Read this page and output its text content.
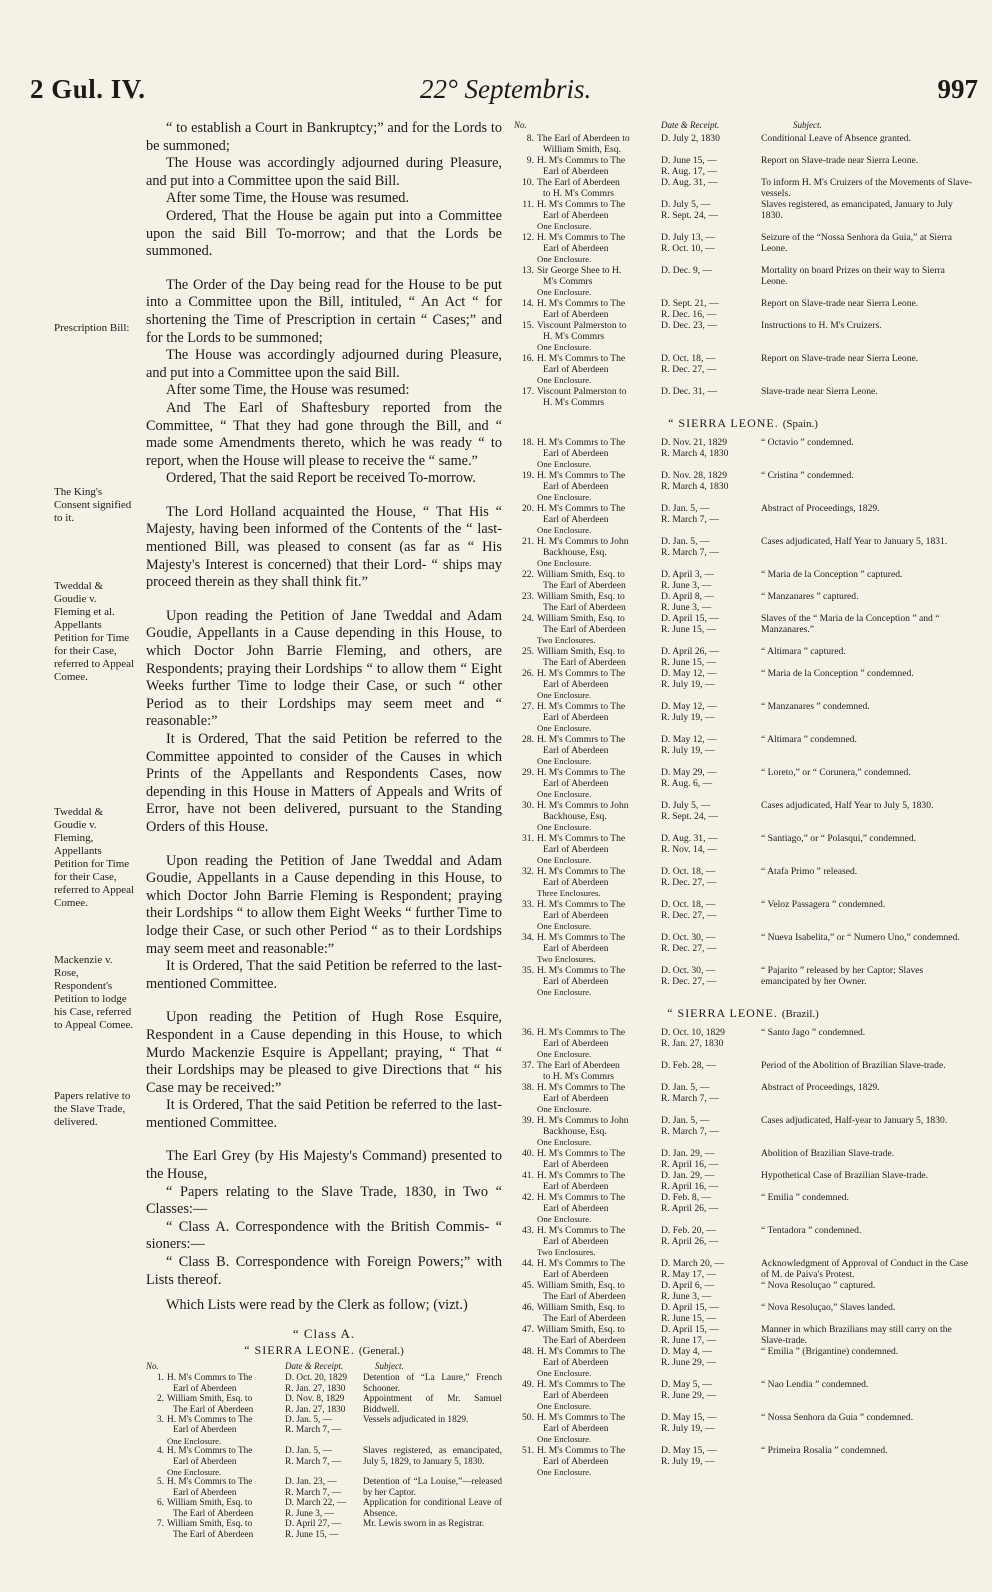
2 Gul. IV.	22° Septembris.	997
Prescription Bill:
The King's Consent signified to it.
Tweddal & Goudie v. Fleming et al. Appellants Petition for Time for their Case, referred to Appeal Comee.
Tweddal & Goudie v. Fleming, Appellants Petition for Time for their Case, referred to Appeal Comee.
Mackenzie v. Rose, Respondent's Petition to lodge his Case, referred to Appeal Comee.
Papers relative to the Slave Trade, delivered.

“ to establish a Court in Bankruptcy;” and for the Lords to be summoned;

The House was accordingly adjourned during Pleasure, and put into a Committee upon the said Bill.

After some Time, the House was resumed.

Ordered, That the House be again put into a Committee upon the said Bill To-morrow; and that the Lords be summoned.

The Order of the Day being read for the House to be put into a Committee upon the Bill, intituled, “ An Act “ for shortening the Time of Prescription in certain “ Cases;” and for the Lords to be summoned;

The House was accordingly adjourned during Pleasure, and put into a Committee upon the said Bill.

After some Time, the House was resumed:

And The Earl of Shaftesbury reported from the Committee, “ That they had gone through the Bill, and “ made some Amendments thereto, which he was ready “ to report, when the House will please to receive the “ same.”

Ordered, That the said Report be received To-morrow.

The Lord Holland acquainted the House, “ That His “ Majesty, having been informed of the Contents of the “ last-mentioned Bill, was pleased to consent (as far as “ His Majesty's Interest is concerned) that their Lord- “ ships may proceed therein as they shall think fit.”

Upon reading the Petition of Jane Tweddal and Adam Goudie, Appellants in a Cause depending in this House, to which Doctor John Barrie Fleming, and others, are Respondents; praying their Lordships “ to allow them “ Eight Weeks further Time to lodge their Case, or such “ other Period as to their Lordships may seem meet and “ reasonable:”

It is Ordered, That the said Petition be referred to the Committee appointed to consider of the Causes in which Prints of the Appellants and Respondents Cases, now depending in this House in Matters of Appeals and Writs of Error, have not been delivered, pursuant to the Standing Orders of this House.

Upon reading the Petition of Jane Tweddal and Adam Goudie, Appellants in a Cause depending in this House, to which Doctor John Barrie Fleming is Respondent; praying their Lordships “ to allow them Eight Weeks “ further Time to lodge their Case, or such other Period “ as to their Lordships may seem meet and reasonable:”

It is Ordered, That the said Petition be referred to the last-mentioned Committee.

Upon reading the Petition of Hugh Rose Esquire, Respondent in a Cause depending in this House, to which Murdo Mackenzie Esquire is Appellant; praying, “ That “ their Lordships may be pleased to give Directions that “ his Case may be received:”

It is Ordered, That the said Petition be referred to the last-mentioned Committee.

The Earl Grey (by His Majesty's Command) presented to the House,

“ Papers relating to the Slave Trade, 1830, in Two “ Classes:—

“ Class A. Correspondence with the British Commis- “ sioners:—

“ Class B. Correspondence with Foreign Powers;” with Lists thereof.

Which Lists were read by the Clerk as follow; (vizt.)

“ Class A.
“ SIERRA LEONE. (General.)
No.		Date & Receipt.	Subject.
1.	H. M's Commrs to The
Earl of Aberdeen	D. Oct. 20, 1829
R. Jan. 27, 1830	Detention of “La Laure,” French Schooner.
2.	William Smith, Esq. to
The Earl of Aberdeen	D. Nov. 8, 1829
R. Jan. 27, 1830	Appointment of Mr. Samuel Biddwell.
3.	H. M's Commrs to The
Earl of Aberdeen	D. Jan. 5, —
R. March 7, —	Vessels adjudicated in 1829.
	One Enclosure.		
4.	H. M's Commrs to The
Earl of Aberdeen	D. Jan. 5, —
R. March 7, —	Slaves registered, as emancipated, July 5, 1829, to January 5, 1830.
	One Enclosure.		
5.	H. M's Commrs to The
Earl of Aberdeen	D. Jan. 23, —
R. March 7, —	Detention of “La Louise,”—released by her Captor.
6.	William Smith, Esq. to
The Earl of Aberdeen	D. March 22, —
R. June 3, —	Application for conditional Leave of Absence.
7.	William Smith, Esq. to
The Earl of Aberdeen	D. April 27, —
R. June 15, —	Mr. Lewis sworn in as Registrar.
No.		Date & Receipt.	Subject.
8.	The Earl of Aberdeen to
William Smith, Esq.	D. July 2, 1830	Conditional Leave of Absence granted.
9.	H. M's Commrs to The
Earl of Aberdeen	D. June 15, —
R. Aug. 17, —	Report on Slave-trade near Sierra Leone.
10.	The Earl of Aberdeen
to H. M's Commrs	D. Aug. 31, —	To inform H. M's Cruizers of the Movements of Slave-vessels.
11.	H. M's Commrs to The
Earl of Aberdeen	D. July 5, —
R. Sept. 24, —	Slaves registered, as emancipated, January to July 1830.
	One Enclosure.		
12.	H. M's Commrs to The
Earl of Aberdeen	D. July 13, —
R. Oct. 10, —	Seizure of the “Nossa Senhora da Guia,” at Sierra Leone.
	One Enclosure.		
13.	Sir George Shee to H.
M's Commrs	D. Dec. 9, —	Mortality on board Prizes on their way to Sierra Leone.
	One Enclosure.		
14.	H. M's Commrs to The
Earl of Aberdeen	D. Sept. 21, —
R. Dec. 16, —	Report on Slave-trade near Sierra Leone.
15.	Viscount Palmerston to
H. M's Commrs	D. Dec. 23, —	Instructions to H. M's Cruizers.
	One Enclosure.		
16.	H. M's Commrs to The
Earl of Aberdeen	D. Oct. 18, —
R. Dec. 27, —	Report on Slave-trade near Sierra Leone.
	One Enclosure.		
17.	Viscount Palmerston to
H. M's Commrs	D. Dec. 31, —	Slave-trade near Sierra Leone.
“ SIERRA LEONE. (Spain.)
18.	H. M's Commrs to The
Earl of Aberdeen	D. Nov. 21, 1829
R. March 4, 1830	“ Octavio ” condemned.
	One Enclosure.		
19.	H. M's Commrs to The
Earl of Aberdeen	D. Nov. 28, 1829
R. March 4, 1830	“ Cristina ” condemned.
	One Enclosure.		
20.	H. M's Commrs to The
Earl of Aberdeen	D. Jan. 5, —
R. March 7, —	Abstract of Proceedings, 1829.
	One Enclosure.		
21.	H. M's Commrs to John
Backhouse, Esq.	D. Jan. 5, —
R. March 7, —	Cases adjudicated, Half Year to January 5, 1831.
	One Enclosure.		
22.	William Smith, Esq. to
The Earl of Aberdeen	D. April 3, —
R. June 3, —	“ Maria de la Conception ” captured.
23.	William Smith, Esq. to
The Earl of Aberdeen	D. April 8, —
R. June 3, —	“ Manzanares ” captured.
24.	William Smith, Esq. to
The Earl of Aberdeen	D. April 15, —
R. June 15, —	Slaves of the “ Maria de la Conception ” and “ Manzanares.”
	Two Enclosures.		
25.	William Smith, Esq. to
The Earl of Aberdeen	D. April 26, —
R. June 15, —	“ Altimara ” captured.
26.	H. M's Commrs to The
Earl of Aberdeen	D. May 12, —
R. July 19, —	“ Maria de la Conception ” condemned.
	One Enclosure.		
27.	H. M's Commrs to The
Earl of Aberdeen	D. May 12, —
R. July 19, —	“ Manzanares ” condemned.
	One Enclosure.		
28.	H. M's Commrs to The
Earl of Aberdeen	D. May 12, —
R. July 19, —	“ Altimara ” condemned.
	One Enclosure.		
29.	H. M's Commrs to The
Earl of Aberdeen	D. May 29, —
R. Aug. 6, —	“ Loreto,” or “ Corunera,” condemned.
	One Enclosure.		
30.	H. M's Commrs to John
Backhouse, Esq.	D. July 5, —
R. Sept. 24, —	Cases adjudicated, Half Year to July 5, 1830.
	One Enclosure.		
31.	H. M's Commrs to The
Earl of Aberdeen	D. Aug. 31, —
R. Nov. 14, —	“ Santiago,” or “ Polasqui,” condemned.
	One Enclosure.		
32.	H. M's Commrs to The
Earl of Aberdeen	D. Oct. 18, —
R. Dec. 27, —	“ Atafa Primo ” released.
	Three Enclosures.		
33.	H. M's Commrs to The
Earl of Aberdeen	D. Oct. 18, —
R. Dec. 27, —	“ Veloz Passagera ” condemned.
	One Enclosure.		
34.	H. M's Commrs to The
Earl of Aberdeen	D. Oct. 30, —
R. Dec. 27, —	“ Nueva Isabelita,” or “ Numero Uno,” condemned.
	Two Enclosures.		
35.	H. M's Commrs to The
Earl of Aberdeen	D. Oct. 30, —
R. Dec. 27, —	“ Pajarito ” released by her Captor; Slaves emancipated by her Owner.
	One Enclosure.		
“ SIERRA LEONE. (Brazil.)
36.	H. M's Commrs to The
Earl of Aberdeen	D. Oct. 10, 1829
R. Jan. 27, 1830	“ Santo Jago ” condemned.
	One Enclosure.		
37.	The Earl of Aberdeen
to H. M's Commrs	D. Feb. 28, —	Period of the Abolition of Brazilian Slave-trade.
38.	H. M's Commrs to The
Earl of Aberdeen	D. Jan. 5, —
R. March 7, —	Abstract of Proceedings, 1829.
	One Enclosure.		
39.	H. M's Commrs to John
Backhouse, Esq.	D. Jan. 5, —
R. March 7, —	Cases adjudicated, Half-year to January 5, 1830.
	One Enclosure.		
40.	H. M's Commrs to The
Earl of Aberdeen	D. Jan. 29, —
R. April 16, —	Abolition of Brazilian Slave-trade.
41.	H. M's Commrs to The
Earl of Aberdeen	D. Jan. 29, —
R. April 16, —	Hypothetical Case of Brazilian Slave-trade.
42.	H. M's Commrs to The
Earl of Aberdeen	D. Feb. 8, —
R. April 26, —	“ Emilia ” condemned.
	One Enclosure.		
43.	H. M's Commrs to The
Earl of Aberdeen	D. Feb. 20, —
R. April 26, —	“ Tentadora ” condemned.
	Two Enclosures.		
44.	H. M's Commrs to The
Earl of Aberdeen	D. March 20, —
R. May 17, —	Acknowledgment of Approval of Conduct in the Case of M. de Paiva's Protest.
45.	William Smith, Esq. to
The Earl of Aberdeen	D. April 6, —
R. June 3, —	“ Nova Resoluçao ” captured.
46.	William Smith, Esq. to
The Earl of Aberdeen	D. April 15, —
R. June 15, —	“ Nova Resoluçao,” Slaves landed.
47.	William Smith, Esq. to
The Earl of Aberdeen	D. April 15, —
R. June 17, —	Manner in which Brazilians may still carry on the Slave-trade.
48.	H. M's Commrs to The
Earl of Aberdeen	D. May 4, —
R. June 29, —	“ Emilia ” (Brigantine) condemned.
	One Enclosure.		
49.	H. M's Commrs to The
Earl of Aberdeen	D. May 5, —
R. June 29, —	“ Nao Lendia ” condemned.
	One Enclosure.		
50.	H. M's Commrs to The
Earl of Aberdeen	D. May 15, —
R. July 19, —	“ Nossa Senhora da Guia ” condemned.
	One Enclosure.		
51.	H. M's Commrs to The
Earl of Aberdeen	D. May 15, —
R. July 19, —	“ Primeira Rosalia ” condemned.
	One Enclosure.		
